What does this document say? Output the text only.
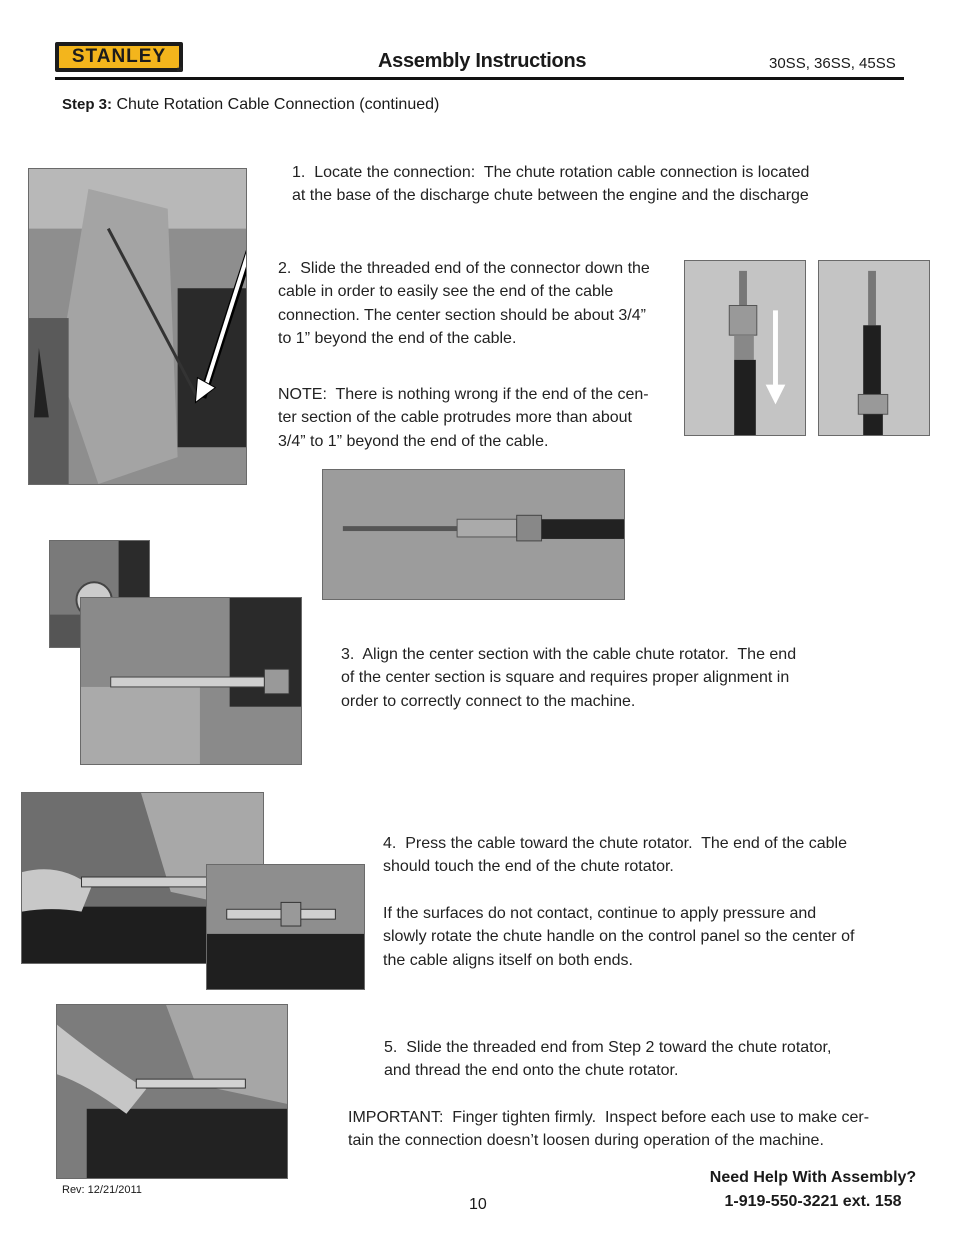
STANLEY
®	Assembly Instructions	30SS, 36SS, 45SS
Step 3: Chute Rotation Cable Connection (continued)
1.  Locate the connection:  The chute rotation cable connection is located
at the base of the discharge chute between the engine and the discharge
2.  Slide the threaded end of the connector down the
cable in order to easily see the end of the cable
connection. The center section should be about 3/4”
to 1” beyond the end of the cable.
NOTE:  There is nothing wrong if the end of the cen-
ter section of the cable protrudes more than about
3/4” to 1” beyond the end of the cable.
3.  Align the center section with the cable chute rotator.  The end
of the center section is square and requires proper alignment in
order to correctly connect to the machine.
4.  Press the cable toward the chute rotator.  The end of the cable
should touch the end of the chute rotator.
If the surfaces do not contact, continue to apply pressure and
slowly rotate the chute handle on the control panel so the center of
the cable aligns itself on both ends.
5.  Slide the threaded end from Step 2 toward the chute rotator,
and thread the end onto the chute rotator.
IMPORTANT:  Finger tighten firmly.  Inspect before each use to make cer-
tain the connection doesn’t loosen during operation of the machine.
Rev: 12/21/2011
10
Need Help With Assembly?
1-919-550-3221 ext. 158
